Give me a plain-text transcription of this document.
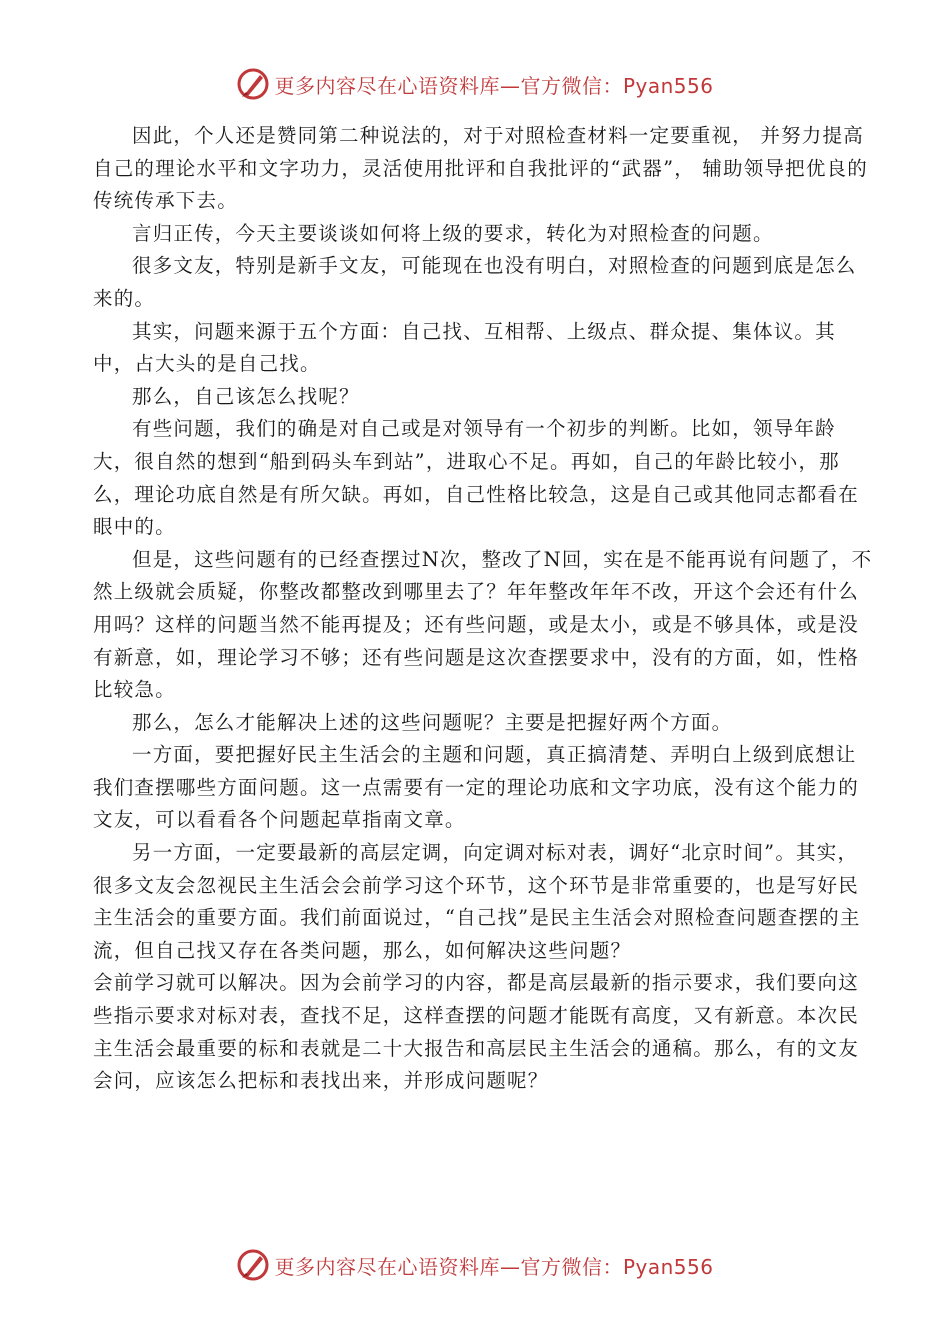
更多内容尽在心语资料库—官方微信：Pyan556

因此，个人还是赞同第二种说法的，对于对照检查材料一定要重视， 并努力提高自己的理论水平和文字功力，灵活使用批评和自我批评的“武器”， 辅助领导把优良的传统传承下去。

言归正传，今天主要谈谈如何将上级的要求，转化为对照检查的问题。

很多文友，特别是新手文友，可能现在也没有明白，对照检查的问题到底是怎么来的。

其实，问题来源于五个方面：自己找、互相帮、上级点、群众提、集体议。其中，占大头的是自己找。

那么，自己该怎么找呢？

有些问题，我们的确是对自己或是对领导有一个初步的判断。比如，领导年龄大，很自然的想到“船到码头车到站”，进取心不足。再如，自己的年龄比较小，那么，理论功底自然是有所欠缺。再如，自己性格比较急，这是自己或其他同志都看在眼中的。

但是，这些问题有的已经查摆过N次，整改了N回，实在是不能再说有问题了，不然上级就会质疑，你整改都整改到哪里去了？年年整改年年不改，开这个会还有什么用吗？这样的问题当然不能再提及；还有些问题，或是太小，或是不够具体，或是没有新意，如，理论学习不够；还有些问题是这次查摆要求中，没有的方面，如，性格比较急。

那么，怎么才能解决上述的这些问题呢？主要是把握好两个方面。

一方面，要把握好民主生活会的主题和问题，真正搞清楚、弄明白上级到底想让我们查摆哪些方面问题。这一点需要有一定的理论功底和文字功底，没有这个能力的文友，可以看看各个问题起草指南文章。

另一方面，一定要最新的高层定调，向定调对标对表，调好“北京时间”。其实，很多文友会忽视民主生活会会前学习这个环节，这个环节是非常重要的，也是写好民主生活会的重要方面。我们前面说过，“自己找”是民主生活会对照检查问题查摆的主流，但自己找又存在各类问题，那么，如何解决这些问题？

会前学习就可以解决。因为会前学习的内容，都是高层最新的指示要求，我们要向这些指示要求对标对表，查找不足，这样查摆的问题才能既有高度，又有新意。本次民主生活会最重要的标和表就是二十大报告和高层民主生活会的通稿。那么，有的文友会问，应该怎么把标和表找出来，并形成问题呢？

更多内容尽在心语资料库—官方微信：Pyan556
